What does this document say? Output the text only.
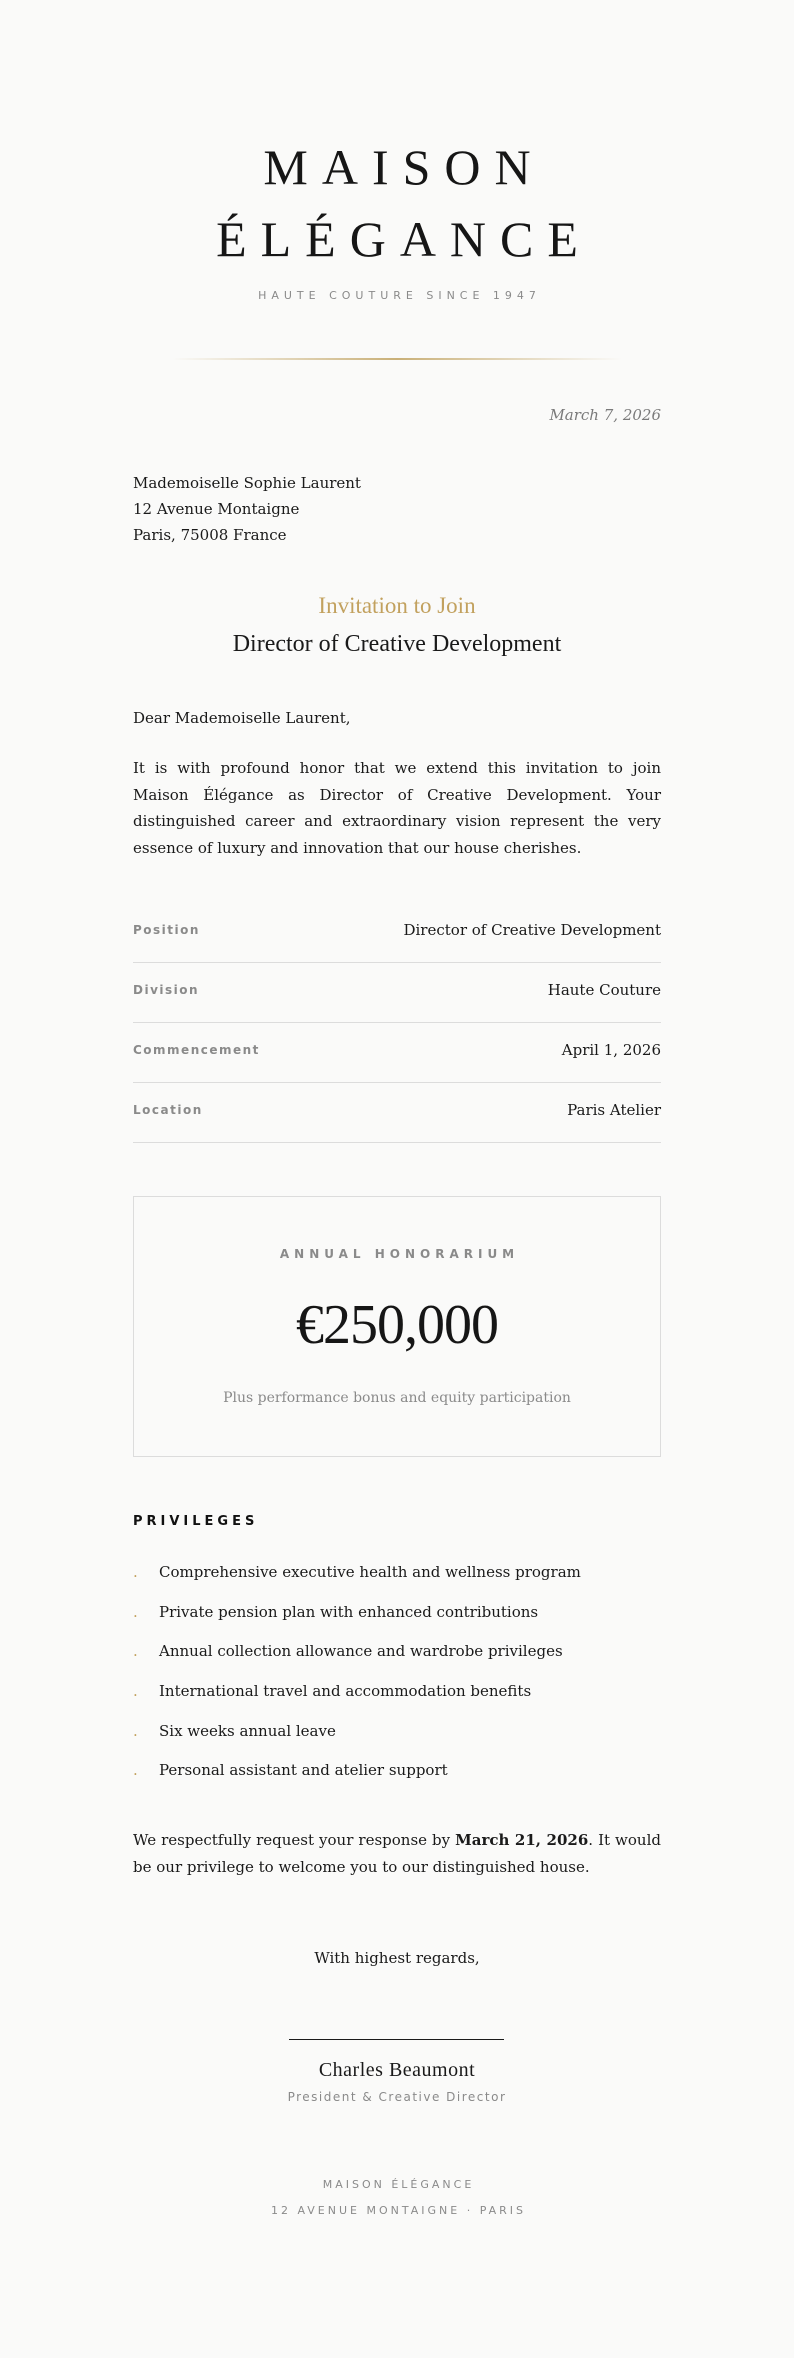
MAISON
ÉLÉGANCE
HAUTE COUTURE SINCE 1947
March 7, 2026
Mademoiselle Sophie Laurent
12 Avenue Montaigne
Paris, 75008 France
Invitation to Join
Director of Creative Development
Dear Mademoiselle Laurent,
It is with profound honor that we extend this invitation to join Maison Élégance as Director of Creative Development. Your distinguished career and extraordinary vision represent the very essence of luxury and innovation that our house cherishes.
Position	Director of Creative Development
Division	Haute Couture
Commencement	April 1, 2026
Location	Paris Atelier
ANNUAL HONORARIUM
€250,000
Plus performance bonus and equity participation
PRIVILEGES
. Comprehensive executive health and wellness program
. Private pension plan with enhanced contributions
. Annual collection allowance and wardrobe privileges
. International travel and accommodation benefits
. Six weeks annual leave
. Personal assistant and atelier support
We respectfully request your response by March 21, 2026. It would be our privilege to welcome you to our distinguished house.
With highest regards,
Charles Beaumont
President & Creative Director
MAISON ÉLÉGANCE
12 AVENUE MONTAIGNE · PARIS
